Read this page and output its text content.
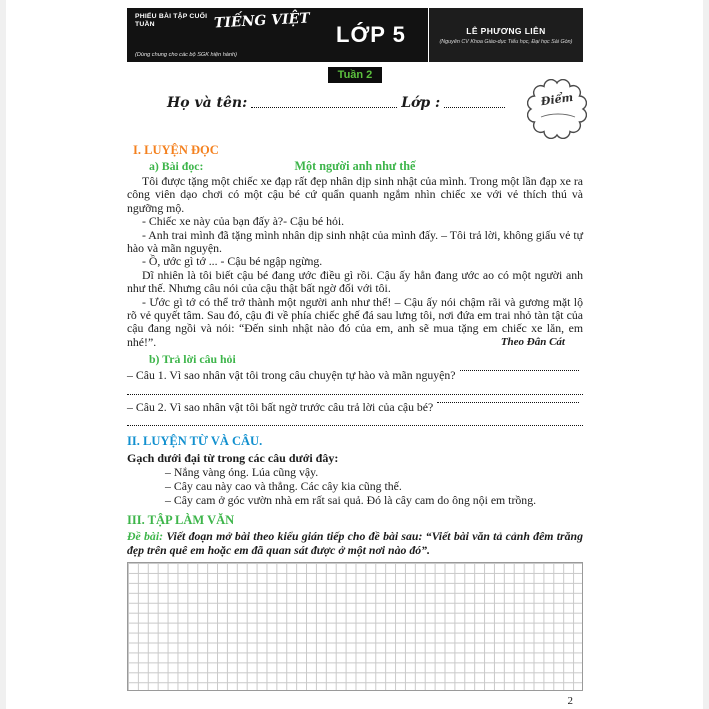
PHIẾU BÀI TẬP CUỐI TUẦN	TIẾNG VIỆT
(Dùng chung cho các bộ SGK hiện hành)
LỚP 5	LÊ PHƯƠNG LIÊN
(Nguyên CV Khoa Giáo-dục Tiểu học, Đại học Sài Gòn)
Tuần 2
Họ và tên:	Lớp :	Điểm
I. LUYỆN ĐỌC
a) Bài đọc:	Một người anh như thế

Tôi được tặng một chiếc xe đạp rất đẹp nhân dịp sinh nhật của mình. Trong một lần đạp xe ra công viên dạo chơi có một cậu bé cứ quẩn quanh ngắm nhìn chiếc xe với vẻ thích thú và ngưỡng mộ.

- Chiếc xe này của bạn đấy à?- Cậu bé hỏi.

- Anh trai mình đã tặng mình nhân dịp sinh nhật của mình đấy. – Tôi trả lời, không giấu vẻ tự hào và mãn nguyện.

- Ồ, ước gì tớ ... - Cậu bé ngập ngừng.

Dĩ nhiên là tôi biết cậu bé đang ước điều gì rồi. Cậu ấy hẳn đang ước ao có một người anh như thế. Nhưng câu nói của cậu thật bất ngờ đối với tôi.

- Ước gì tớ có thể trở thành một người anh như thế! – Cậu ấy nói chậm rãi và gương mặt lộ rõ vẻ quyết tâm. Sau đó, cậu đi về phía chiếc ghế đá sau lưng tôi, nơi đứa em trai nhỏ tàn tật của cậu đang ngồi và nói: “Đến sinh nhật nào đó của em, anh sẽ mua tặng em chiếc xe lăn, em nhé!”.	Theo Đân Cát
b) Trả lời câu hỏi
– Câu 1. Vì sao nhân vật tôi trong câu chuyện tự hào và mãn nguyện?
– Câu 2. Vì sao nhân vật tôi bất ngờ trước câu trả lời của cậu bé?
II. LUYỆN TỪ VÀ CÂU.
Gạch dưới đại từ trong các câu dưới đây:
– Nắng vàng óng. Lúa cũng vậy.
– Cây cau này cao và thẳng. Các cây kia cũng thế.
– Cây cam ở góc vườn nhà em rất sai quả. Đó là cây cam do ông nội em trồng.
III. TẬP LÀM VĂN

Đề bài: Viết đoạn mở bài theo kiểu gián tiếp cho đề bài sau: “Viết bài văn tả cảnh đêm trăng đẹp trên quê em hoặc em đã quan sát được ở một nơi nào đó”.

2
